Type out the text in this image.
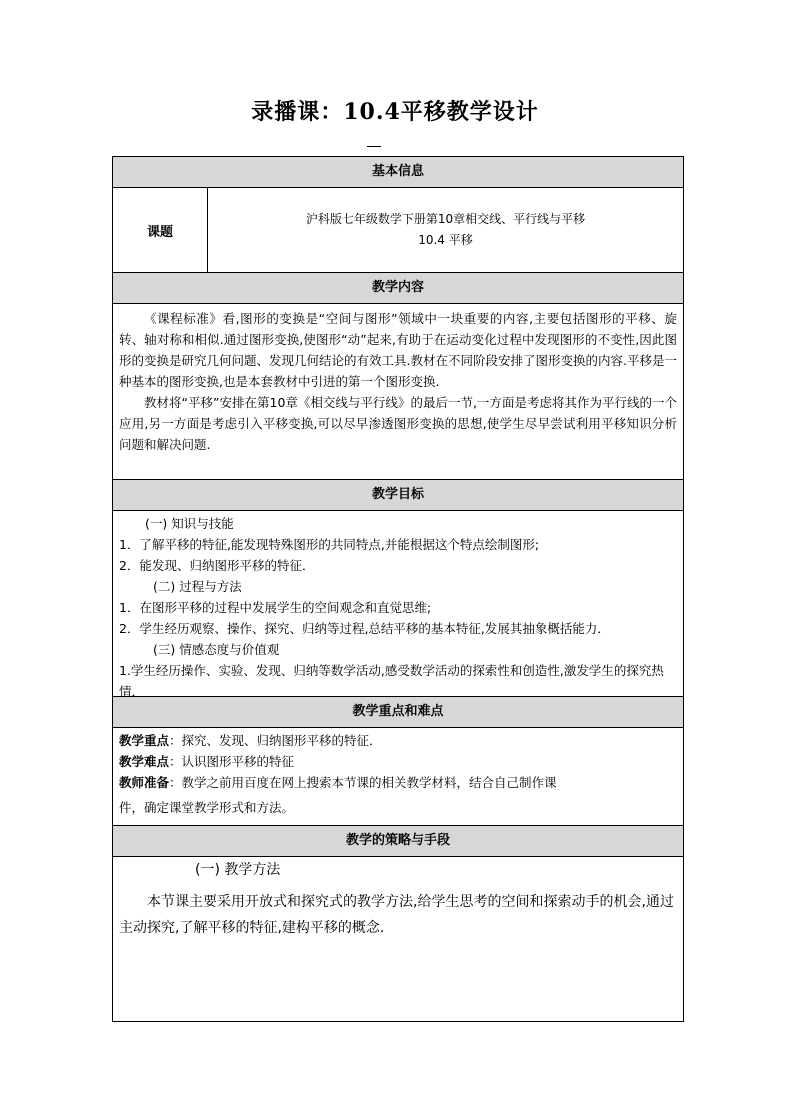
录播课：10.4平移教学设计
基本信息
课题
沪科版七年级数学下册第10章相交线、平行线与平移
10.4 平移
教学内容

《课程标准》看,图形的变换是“空间与图形”领域中一块重要的内容,主要包括图形的平移、旋转、轴对称和相似.通过图形变换,使图形“动”起来,有助于在运动变化过程中发现图形的不变性,因此图形的变换是研究几何问题、发现几何结论的有效工具.教材在不同阶段安排了图形变换的内容.平移是一种基本的图形变换,也是本套教材中引进的第一个图形变换.

教材将“平移”安排在第10章《相交线与平行线》的最后一节,一方面是考虑将其作为平行线的一个应用,另一方面是考虑引入平移变换,可以尽早渗透图形变换的思想,使学生尽早尝试利用平移知识分析问题和解决问题.

教学目标
(一) 知识与技能
1．了解平移的特征,能发现特殊图形的共同特点,并能根据这个特点绘制图形;
2．能发现、归纳图形平移的特征．
(二) 过程与方法
1．在图形平移的过程中发展学生的空间观念和直觉思维;
2．学生经历观察、操作、探究、归纳等过程,总结平移的基本特征,发展其抽象概括能力．
(三) 情感态度与价值观
1.学生经历操作、实验、发现、归纳等数学活动,感受数学活动的探索性和创造性,激发学生的探究热情．
教学重点和难点
教学重点：探究、发现、归纳图形平移的特征．
教学难点：认识图形平移的特征
教师准备：教学之前用百度在网上搜索本节课的相关教学材料，结合自己制作课
件，确定课堂教学形式和方法。
教学的策略与手段
(一) 教学方法

本节课主要采用开放式和探究式的教学方法,给学生思考的空间和探索动手的机会,通过主动探究,了解平移的特征,建构平移的概念.
